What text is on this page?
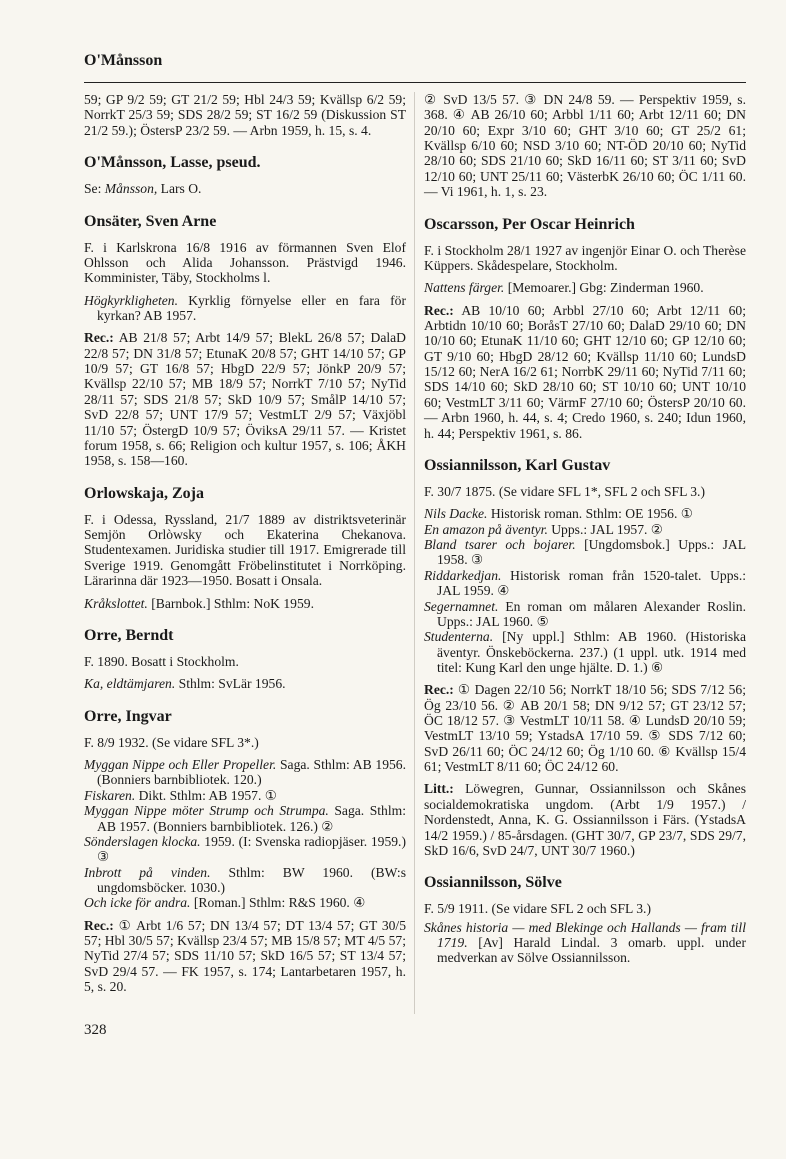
O'Månsson

59; GP 9/2 59; GT 21/2 59; Hbl 24/3 59; Kvällsp 6/2 59; NorrkT 25/3 59; SDS 28/2 59; ST 16/2 59 (Diskussion ST 21/2 59.); ÖstersP 23/2 59. — Arbn 1959, h. 15, s. 4.

O'Månsson, Lasse, pseud.

Se: Månsson, Lars O.

Onsäter, Sven Arne

F. i Karlskrona 16/8 1916 av förmannen Sven Elof Ohlsson och Alida Johansson. Prästvigd 1946. Komminister, Täby, Stockholms l.

Högkyrkligheten. Kyrklig förnyelse eller en fara för kyrkan? AB 1957.

Rec.: AB 21/8 57; Arbt 14/9 57; BlekL 26/8 57; DalaD 22/8 57; DN 31/8 57; EtunaK 20/8 57; GHT 14/10 57; GP 10/9 57; GT 16/8 57; HbgD 22/9 57; JönkP 20/9 57; Kvällsp 22/10 57; MB 18/9 57; NorrkT 7/10 57; NyTid 28/11 57; SDS 21/8 57; SkD 10/9 57; SmålP 14/10 57; SvD 22/8 57; UNT 17/9 57; VestmLT 2/9 57; Växjöbl 11/10 57; ÖstergD 10/9 57; ÖviksA 29/11 57. — Kristet forum 1958, s. 66; Religion och kultur 1957, s. 106; ÅKH 1958, s. 158—160.

Orlowskaja, Zoja

F. i Odessa, Ryssland, 21/7 1889 av distriktsveterinär Semjön Orlòwsky och Ekaterina Chekanova. Studentexamen. Juridiska studier till 1917. Emigrerade till Sverige 1919. Genomgått Fröbelinstitutet i Norrköping. Lärarinna där 1923—1950. Bosatt i Onsala.

Kråkslottet. [Barnbok.] Sthlm: NoK 1959.

Orre, Berndt

F. 1890. Bosatt i Stockholm.

Ka, eldtämjaren. Sthlm: SvLär 1956.

Orre, Ingvar

F. 8/9 1932. (Se vidare SFL 3*.)

Myggan Nippe och Eller Propeller. Saga. Sthlm: AB 1956. (Bonniers barnbibliotek. 120.)

Fiskaren. Dikt. Sthlm: AB 1957. ①

Myggan Nippe möter Strump och Strumpa. Saga. Sthlm: AB 1957. (Bonniers barnbibliotek. 126.) ②

Sönderslagen klocka. 1959. (I: Svenska radiopjäser. 1959.) ③

Inbrott på vinden. Sthlm: BW 1960. (BW:s ungdomsböcker. 1030.)

Och icke för andra. [Roman.] Sthlm: R&S 1960. ④

Rec.: ① Arbt 1/6 57; DN 13/4 57; DT 13/4 57; GT 30/5 57; Hbl 30/5 57; Kvällsp 23/4 57; MB 15/8 57; MT 4/5 57; NyTid 27/4 57; SDS 11/10 57; SkD 16/5 57; ST 13/4 57; SvD 29/4 57. — FK 1957, s. 174; Lantarbetaren 1957, h. 5, s. 20.

② SvD 13/5 57. ③ DN 24/8 59. — Perspektiv 1959, s. 368. ④ AB 26/10 60; Arbbl 1/11 60; Arbt 12/11 60; DN 20/10 60; Expr 3/10 60; GHT 3/10 60; GT 25/2 61; Kvällsp 6/10 60; NSD 3/10 60; NT-ÖD 20/10 60; NyTid 28/10 60; SDS 21/10 60; SkD 16/11 60; ST 3/11 60; SvD 12/10 60; UNT 25/11 60; VästerbK 26/10 60; ÖC 1/11 60. — Vi 1961, h. 1, s. 23.

Oscarsson, Per Oscar Heinrich

F. i Stockholm 28/1 1927 av ingenjör Einar O. och Therèse Küppers. Skådespelare, Stockholm.

Nattens färger. [Memoarer.] Gbg: Zinderman 1960.

Rec.: AB 10/10 60; Arbbl 27/10 60; Arbt 12/11 60; Arbtidn 10/10 60; BoråsT 27/10 60; DalaD 29/10 60; DN 10/10 60; EtunaK 11/10 60; GHT 12/10 60; GP 12/10 60; GT 9/10 60; HbgD 28/12 60; Kvällsp 11/10 60; LundsD 15/12 60; NerA 16/2 61; NorrbK 29/11 60; NyTid 7/11 60; SDS 14/10 60; SkD 28/10 60; ST 10/10 60; UNT 10/10 60; VestmLT 3/11 60; VärmF 27/10 60; ÖstersP 20/10 60. — Arbn 1960, h. 44, s. 4; Credo 1960, s. 240; Idun 1960, h. 44; Perspektiv 1961, s. 86.

Ossiannilsson, Karl Gustav

F. 30/7 1875. (Se vidare SFL 1*, SFL 2 och SFL 3.)

Nils Dacke. Historisk roman. Sthlm: OE 1956. ①

En amazon på äventyr. Upps.: JAL 1957. ②

Bland tsarer och bojarer. [Ungdomsbok.] Upps.: JAL 1958. ③

Riddarkedjan. Historisk roman från 1520-talet. Upps.: JAL 1959. ④

Segernamnet. En roman om målaren Alexander Roslin. Upps.: JAL 1960. ⑤

Studenterna. [Ny uppl.] Sthlm: AB 1960. (Historiska äventyr. Önskeböckerna. 237.) (1 uppl. utk. 1914 med titel: Kung Karl den unge hjälte. D. 1.) ⑥

Rec.: ① Dagen 22/10 56; NorrkT 18/10 56; SDS 7/12 56; Ög 23/10 56. ② AB 20/1 58; DN 9/12 57; GT 23/12 57; ÖC 18/12 57. ③ VestmLT 10/11 58. ④ LundsD 20/10 59; VestmLT 13/10 59; YstadsA 17/10 59. ⑤ SDS 7/12 60; SvD 26/11 60; ÖC 24/12 60; Ög 1/10 60. ⑥ Kvällsp 15/4 61; VestmLT 8/11 60; ÖC 24/12 60.

Litt.: Löwegren, Gunnar, Ossiannilsson och Skånes socialdemokratiska ungdom. (Arbt 1/9 1957.) / Nordenstedt, Anna, K. G. Ossiannilsson i Färs. (YstadsA 14/2 1959.) / 85-årsdagen. (GHT 30/7, GP 23/7, SDS 29/7, SkD 16/6, SvD 24/7, UNT 30/7 1960.)

Ossiannilsson, Sölve

F. 5/9 1911. (Se vidare SFL 2 och SFL 3.)

Skånes historia — med Blekinge och Hallands — fram till 1719. [Av] Harald Lindal. 3 omarb. uppl. under medverkan av Sölve Ossiannilsson.

328
